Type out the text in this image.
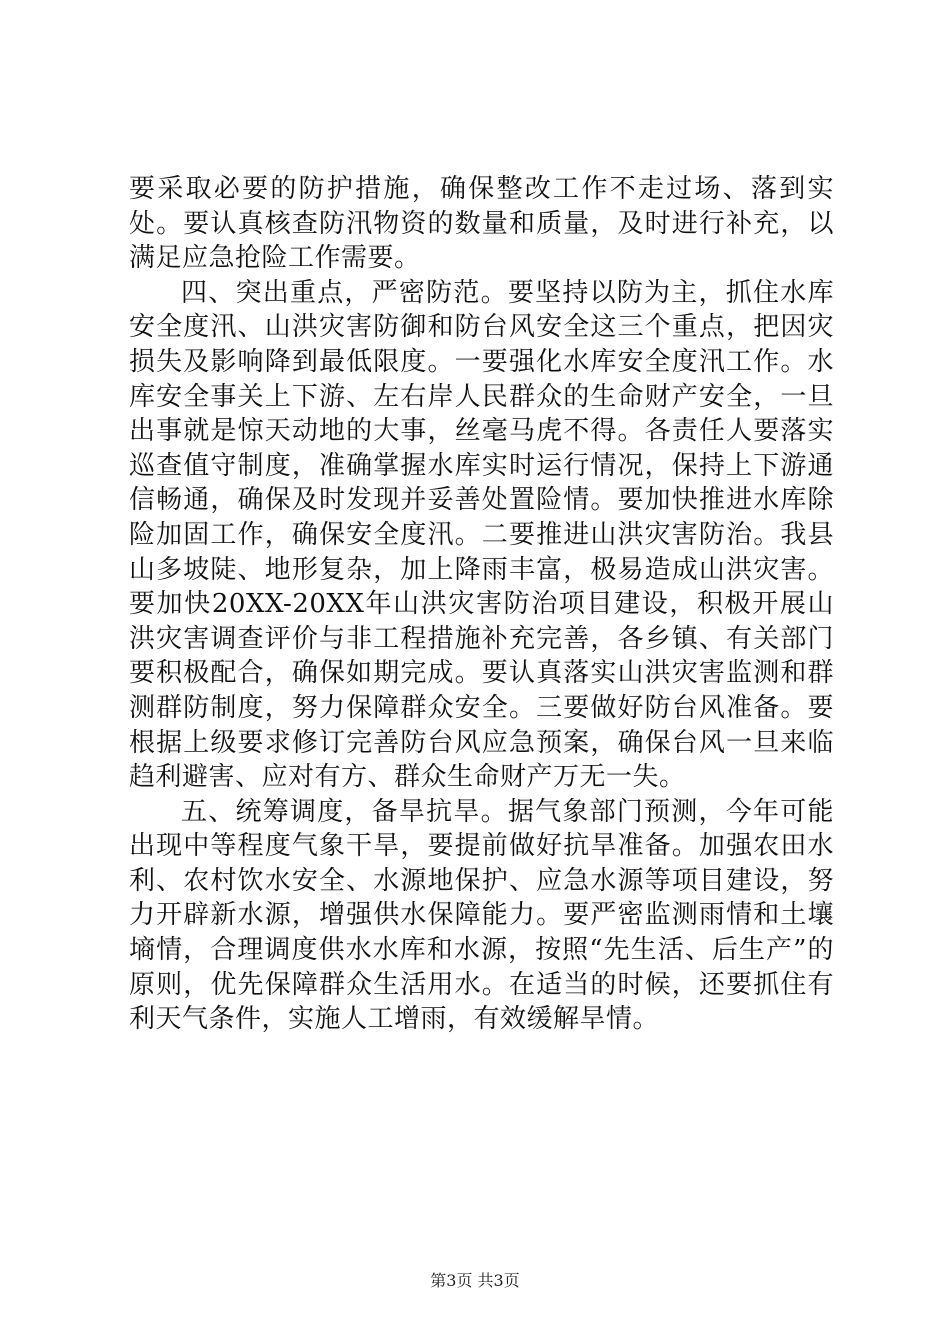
要采取必要的防护措施，确保整改工作不走过场、落到实处。要认真核查防汛物资的数量和质量，及时进行补充，以满足应急抢险工作需要。

四、突出重点，严密防范。要坚持以防为主，抓住水库安全度汛、山洪灾害防御和防台风安全这三个重点，把因灾损失及影响降到最低限度。一要强化水库安全度汛工作。水库安全事关上下游、左右岸人民群众的生命财产安全，一旦出事就是惊天动地的大事，丝毫马虎不得。各责任人要落实巡查值守制度，准确掌握水库实时运行情况，保持上下游通信畅通，确保及时发现并妥善处置险情。要加快推进水库除险加固工作，确保安全度汛。二要推进山洪灾害防治。我县山多坡陡、地形复杂，加上降雨丰富，极易造成山洪灾害。要加快20XX-20XX年山洪灾害防治项目建设，积极开展山洪灾害调查评价与非工程措施补充完善，各乡镇、有关部门要积极配合，确保如期完成。要认真落实山洪灾害监测和群测群防制度，努力保障群众安全。三要做好防台风准备。要根据上级要求修订完善防台风应急预案，确保台风一旦来临趋利避害、应对有方、群众生命财产万无一失。

五、统筹调度，备旱抗旱。据气象部门预测，今年可能出现中等程度气象干旱，要提前做好抗旱准备。加强农田水利、农村饮水安全、水源地保护、应急水源等项目建设，努力开辟新水源，增强供水保障能力。要严密监测雨情和土壤墒情，合理调度供水水库和水源，按照“先生活、后生产”的原则，优先保障群众生活用水。在适当的时候，还要抓住有利天气条件，实施人工增雨，有效缓解旱情。

第3页 共3页
